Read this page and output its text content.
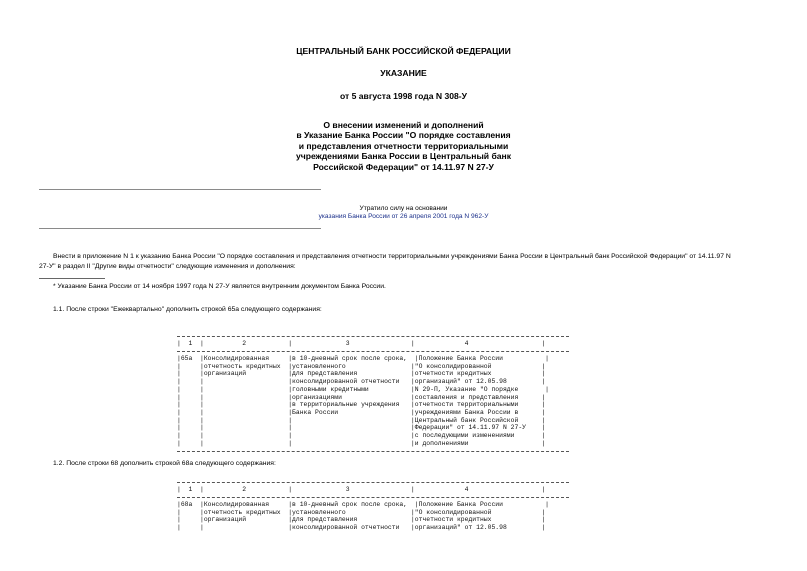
ЦЕНТРАЛЬНЫЙ БАНК РОССИЙСКОЙ ФЕДЕРАЦИИ
УКАЗАНИЕ
от 5 августа 1998 года N 308-У
О внесении изменений и дополнений
в Указание Банка России "О порядке составления
и представления отчетности территориальными
учреждениями Банка России в Центральный банк
Российской Федерации" от 14.11.97 N 27-У
Утратило силу на основании
указания Банка России от 26 апреля 2001 года N 962-У
Внести в приложение N 1 к указанию Банка России "О порядке составления и представления отчетности территориальными учреждениями Банка России в Центральный банк Российской Федерации" от 14.11.97 N
27-У" в раздел II "Другие виды отчетности" следующие изменения и дополнения:
* Указание Банка России от 14 ноября 1997 года N 27-У является внутренним документом Банка России.
1.1. После строки "Ежеквартально" дополнить строкой 65а следующего содержания:
|  1  |          2           |              3                |             4                   |
|65а  |Консолидированная     |в 10-дневный срок после срока,  |Положение Банка России           |
|     |отчетность кредитных  |установленного                 |"О консолидированной             |
|     |организаций           |для представления              |отчетности кредитных             |
|     |                      |консолидированной отчетности   |организаций" от 12.05.98         |
|     |                      |головными кредитными           |N 29-П, Указание "О порядке       |
|     |                      |организациями                  |составления и представления      |
|     |                      |в территориальные учреждения   |отчетности территориальными      |
|     |                      |Банка России                   |учреждениями Банка России в      |
|     |                      |                               |Центральный банк Российской      |
|     |                      |                               |Федерации" от 14.11.97 N 27-У    |
|     |                      |                               |с последующими изменениями       |
|     |                      |                               |и дополнениями                   |
1.2. После строки 68 дополнить строкой 68а следующего содержания:
|  1  |          2           |              3                |             4                   |
|68а  |Консолидированная     |в 10-дневный срок после срока,  |Положение Банка России           |
|     |отчетность кредитных  |установленного                 |"О консолидированной             |
|     |организаций           |для представления              |отчетности кредитных             |
|     |                      |консолидированной отчетности   |организаций" от 12.05.98         |
